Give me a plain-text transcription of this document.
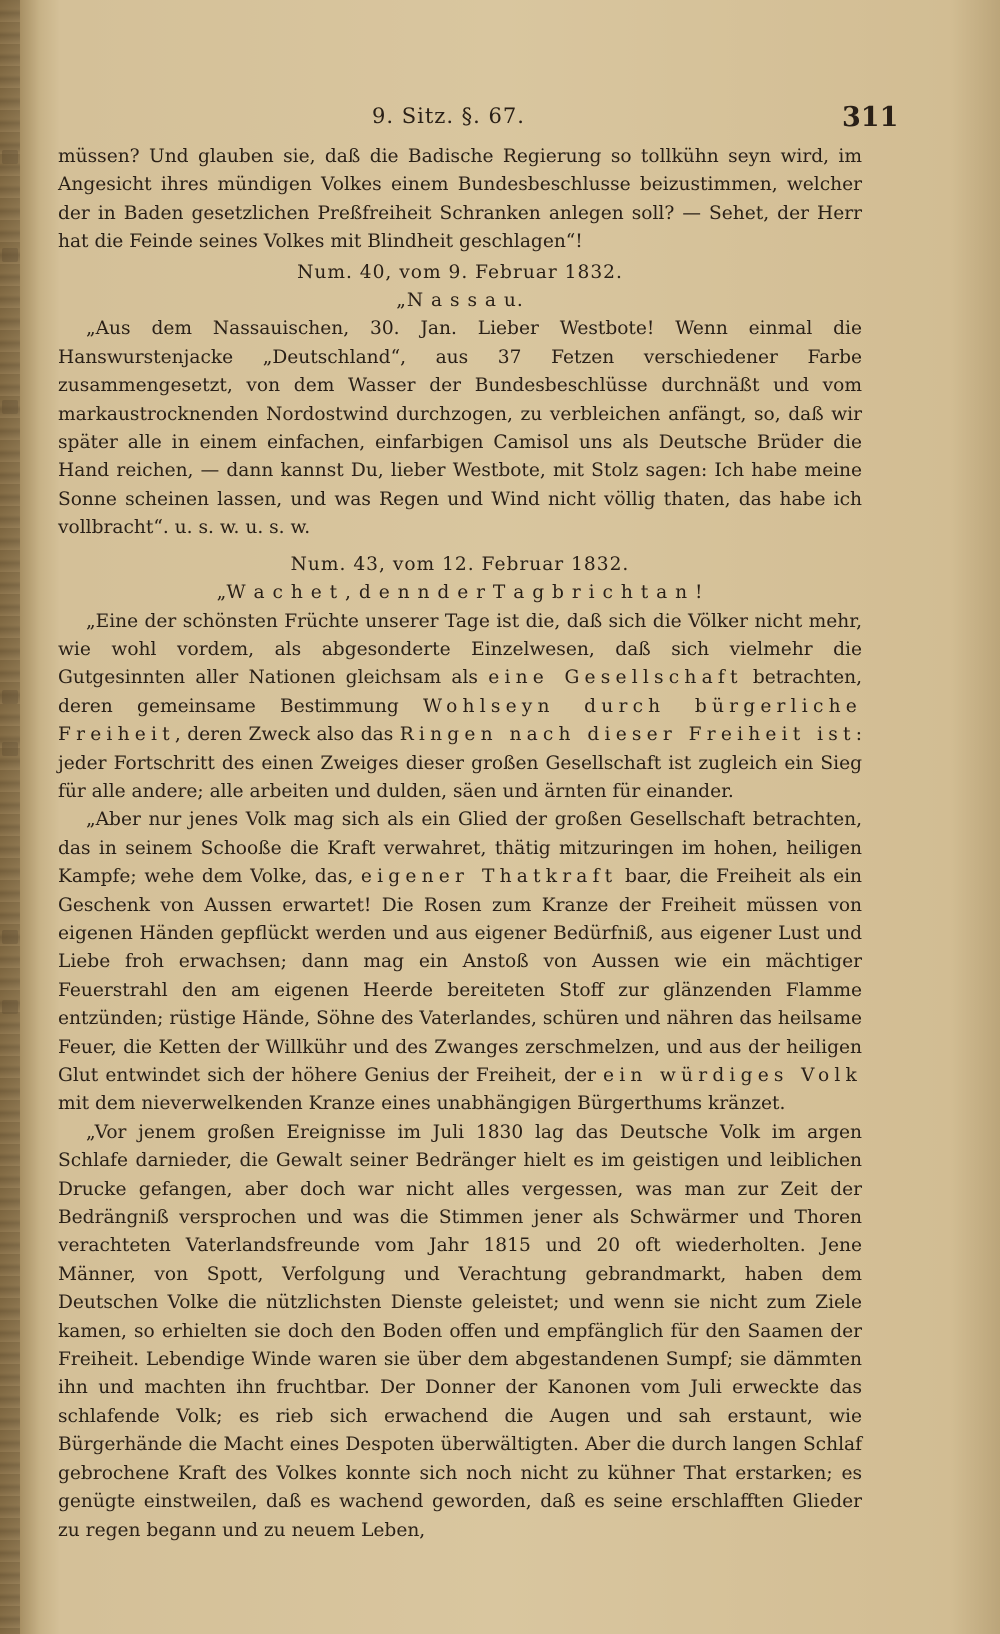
9. Sitz. §. 67.	311

müssen? Und glauben sie, daß die Badische Regierung so tollkühn seyn wird, im Angesicht ihres mündigen Volkes einem Bundesbeschlusse beizustimmen, welcher der in Baden gesetzlichen Preßfreiheit Schranken anlegen soll? — Sehet, der Herr hat die Feinde seines Volkes mit Blindheit geschlagen“!

Num. 40, vom 9. Februar 1832.

„N a s s a u.

„Aus dem Nassauischen, 30. Jan. Lieber Westbote! Wenn einmal die Hanswurstenjacke „Deutschland“, aus 37 Fetzen verschiedener Farbe zusammengesetzt, von dem Wasser der Bundesbeschlüsse durchnäßt und vom markaustrocknenden Nordostwind durchzogen, zu verbleichen anfängt, so, daß wir später alle in einem einfachen, einfarbigen Camisol uns als Deutsche Brüder die Hand reichen, — dann kannst Du, lieber Westbote, mit Stolz sagen: Ich habe meine Sonne scheinen lassen, und was Regen und Wind nicht völlig thaten, das habe ich vollbracht“. u. s. w. u. s. w.

Num. 43, vom 12. Februar 1832.

„W a c h e t , d e n n d e r T a g b r i c h t a n !

„Eine der schönsten Früchte unserer Tage ist die, daß sich die Völker nicht mehr, wie wohl vordem, als abgesonderte Einzelwesen, daß sich vielmehr die Gutgesinnten aller Nationen gleichsam als eine Gesellschaft betrachten, deren gemeinsame Bestimmung Wohlseyn durch bürgerliche Freiheit, deren Zweck also das Ringen nach dieser Freiheit ist: jeder Fortschritt des einen Zweiges dieser großen Gesellschaft ist zugleich ein Sieg für alle andere; alle arbeiten und dulden, säen und ärnten für einander.

„Aber nur jenes Volk mag sich als ein Glied der großen Gesellschaft betrachten, das in seinem Schooße die Kraft verwahret, thätig mitzuringen im hohen, heiligen Kampfe; wehe dem Volke, das, eigener Thatkraft baar, die Freiheit als ein Geschenk von Aussen erwartet! Die Rosen zum Kranze der Freiheit müssen von eigenen Händen gepflückt werden und aus eigener Bedürfniß, aus eigener Lust und Liebe froh erwachsen; dann mag ein Anstoß von Aussen wie ein mächtiger Feuerstrahl den am eigenen Heerde bereiteten Stoff zur glänzenden Flamme entzünden; rüstige Hände, Söhne des Vaterlandes, schüren und nähren das heilsame Feuer, die Ketten der Willkühr und des Zwanges zerschmelzen, und aus der heiligen Glut entwindet sich der höhere Genius der Freiheit, der ein würdiges Volk mit dem nieverwelkenden Kranze eines unabhängigen Bürgerthums kränzet.

„Vor jenem großen Ereignisse im Juli 1830 lag das Deutsche Volk im argen Schlafe darnieder, die Gewalt seiner Bedränger hielt es im geistigen und leiblichen Drucke gefangen, aber doch war nicht alles vergessen, was man zur Zeit der Bedrängniß versprochen und was die Stimmen jener als Schwärmer und Thoren verachteten Vaterlandsfreunde vom Jahr 1815 und 20 oft wiederholten. Jene Männer, von Spott, Verfolgung und Verachtung gebrandmarkt, haben dem Deutschen Volke die nützlichsten Dienste geleistet; und wenn sie nicht zum Ziele kamen, so erhielten sie doch den Boden offen und empfänglich für den Saamen der Freiheit. Lebendige Winde waren sie über dem abgestandenen Sumpf; sie dämmten ihn und machten ihn fruchtbar. Der Donner der Kanonen vom Juli erweckte das schlafende Volk; es rieb sich erwachend die Augen und sah erstaunt, wie Bürgerhände die Macht eines Despoten überwältigten. Aber die durch langen Schlaf gebrochene Kraft des Volkes konnte sich noch nicht zu kühner That erstarken; es genügte einstweilen, daß es wachend geworden, daß es seine erschlafften Glieder zu regen begann und zu neuem Leben,
